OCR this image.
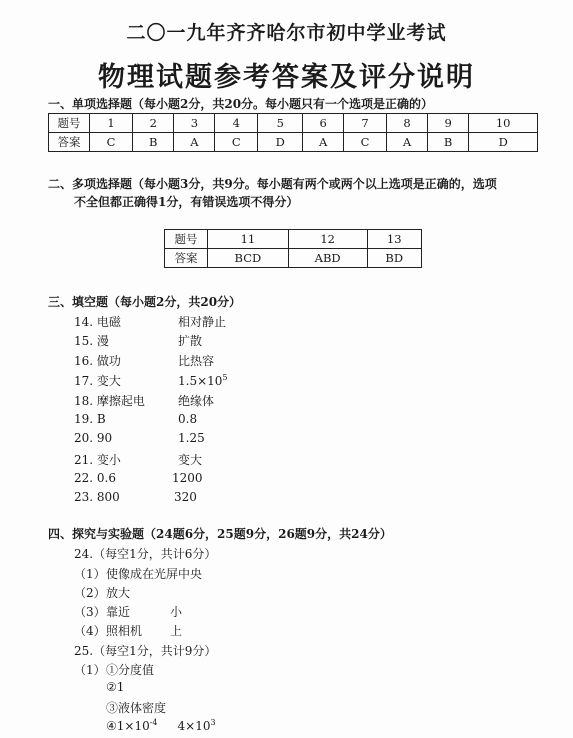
二〇一九年齐齐哈尔市初中学业考试
物理试题参考答案及评分说明
一、单项选择题（每小题2分，共20分。每小题只有一个选项是正确的）
题号	1	2	3	4	5	6	7	8	9	10
答案	C	B	A	C	D	A	C	A	B	D
二、多项选择题（每小题3分，共9分。每小题有两个或两个以上选项是正确的，选项
不全但都正确得1分，有错误选项不得分）
题号	11	12	13
答案	BCD	ABD	BD
三、填空题（每小题2分，共20分）
14. 电磁	相对静止
15. 漫	扩散
16. 做功	比热容
17. 变大	$1.5\times 10^5$
18. 摩擦起电	绝缘体
19. B	0.8
20. 90	1.25
21. 变小	变大
22. 0.6	1200
23. 800	320
四、探究与实验题（24题6分，25题9分，26题9分，共24分）
24.（每空1分，共计6分）
（1）使像成在光屏中央
（2）放大
（3）靠近	小
（4）照相机 上
25.（每空1分，共计9分）
（1）①分度值
②1
③液体密度
$④1\times 10^{-4}$ $4\times 10^3$
